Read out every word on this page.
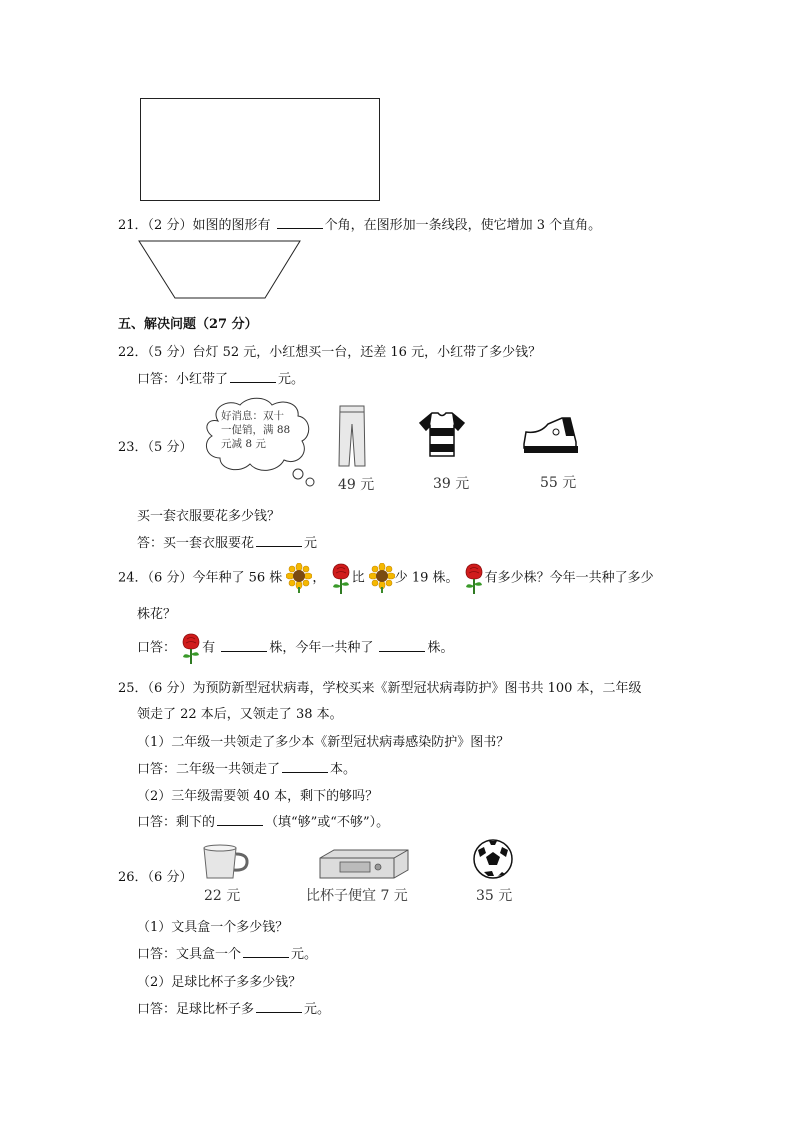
21．（2 分）如图的图形有	个角，在图形加一条线段，使它增加 3 个直角。
五、解决问题（27 分）
22．（5 分）台灯 52 元，小红想买一台，还差 16 元，小红带了多少钱？
口答：小红带了	元。
23．（5 分）
好消息：双十
一促销，满 88
元减 8 元
49 元	39 元	55 元
买一套衣服要花多少钱？
答：买一套衣服要花	元
24．（6 分）今年种了 56 株 ， 比 少 19 株。 有多少株？今年一共种了多少
株花？
口答： 有	株，今年一共种了	株。
25．（6 分）为预防新型冠状病毒，学校买来《新型冠状病毒防护》图书共 100 本，二年级
领走了 22 本后，又领走了 38 本。
（1）二年级一共领走了多少本《新型冠状病毒感染防护》图书？
口答：二年级一共领走了	本。
（2）三年级需要领 40 本，剩下的够吗？
口答：剩下的	（填“够”或“不够”）。
26．（6 分）
22 元	比杯子便宜 7 元	35 元
（1）文具盒一个多少钱？
口答：文具盒一个	元。
（2）足球比杯子多多少钱？
口答：足球比杯子多	元。
